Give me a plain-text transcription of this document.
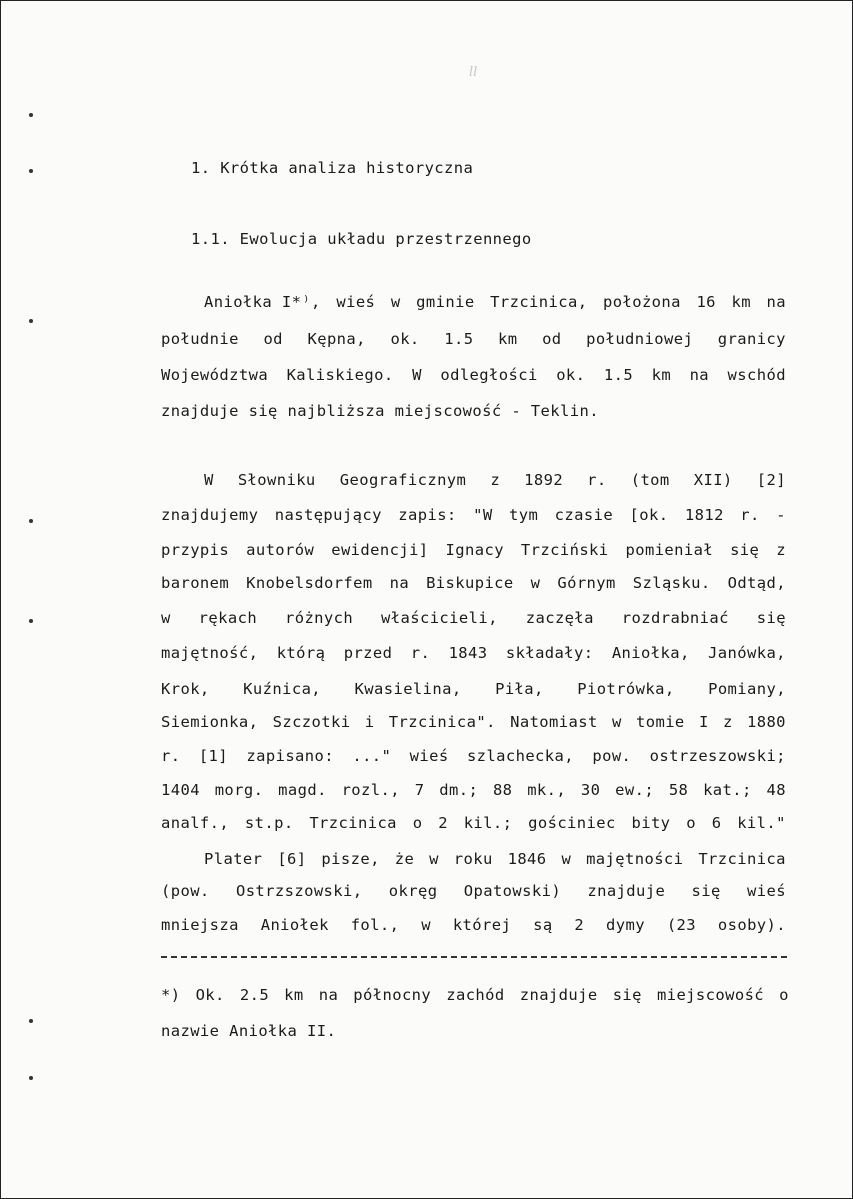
ll
1. Krótka analiza historyczna
1.1. Ewolucja układu przestrzennego
Aniołka I*⁾, wieś w gminie Trzcinica, położona 16 km na
południe od Kępna, ok. 1.5 km od południowej granicy
Województwa Kaliskiego. W odległości ok. 1.5 km na wschód
znajduje się najbliższa miejscowość - Teklin.
W Słowniku Geograficznym z 1892 r. (tom XII) [2]
znajdujemy następujący zapis: "W tym czasie [ok. 1812 r. -
przypis autorów ewidencji] Ignacy Trzciński pomieniał się z
baronem Knobelsdorfem na Biskupice w Górnym Szląsku. Odtąd,
w rękach różnych właścicieli, zaczęła rozdrabniać się
majętność, którą przed r. 1843 składały: Aniołka, Janówka,
Krok, Kuźnica, Kwasielina, Piła, Piotrówka, Pomiany,
Siemionka, Szczotki i Trzcinica". Natomiast w tomie I z 1880
r. [1] zapisano: ..." wieś szlachecka, pow. ostrzeszowski;
1404 morg. magd. rozl., 7 dm.; 88 mk., 30 ew.; 58 kat.; 48
analf., st.p. Trzcinica o 2 kil.; gościniec bity o 6 kil."
Plater [6] pisze, że w roku 1846 w majętności Trzcinica
(pow. Ostrzszowski, okręg Opatowski) znajduje się wieś
mniejsza Aniołek fol., w której są 2 dymy (23 osoby).
*) Ok. 2.5 km na północny zachód znajduje się miejscowość o
nazwie Aniołka II.
